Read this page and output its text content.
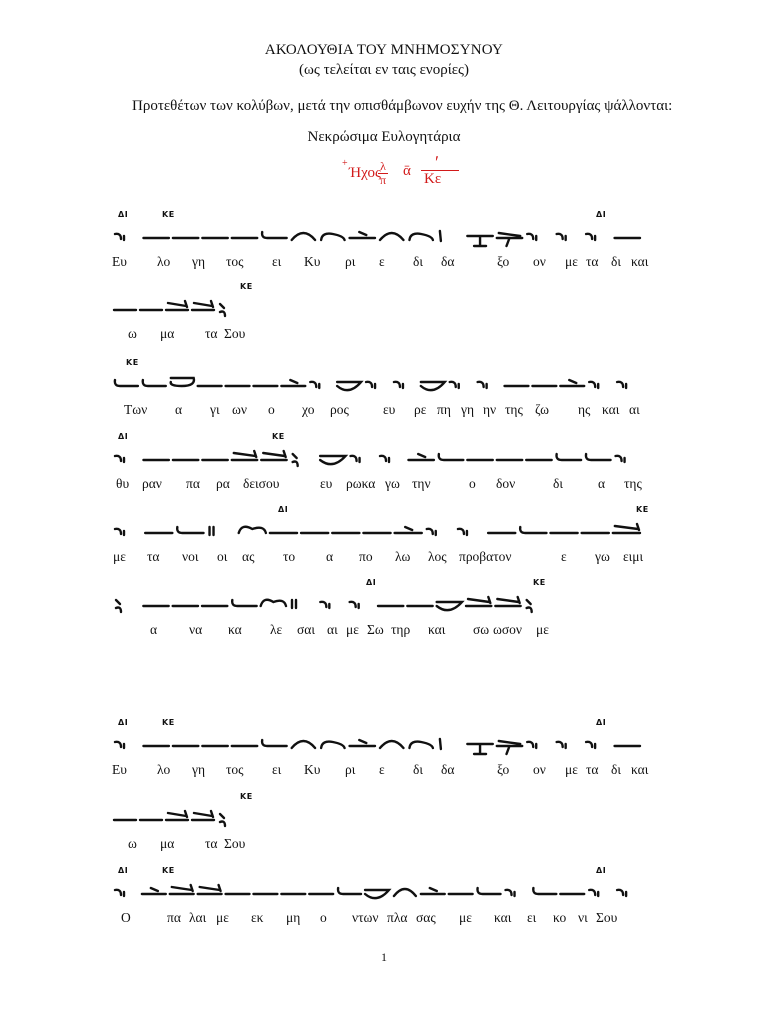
ΑΚΟΛΟΥΘΙΑ ΤΟΥ ΜΝΗΜΟΣΥΝΟΥ
(ως τελείται εν ταις ενορίες)
Προτεθέτων των κολύβων, μετά την οπισθάμβωνον ευχήν της Θ. Λειτουργίας ψάλλονται:
Νεκρώσιμα Ευλογητάρια
+
Ήχος λ
π
ᾱ ʹ
Κε
ΔΙ	ΚΕ	ΔΙ
Ευ λο γη τος ει Κυ ρι ε δι δα	ξο ον με τα δι και
ΚΕ
ω μα τα Σου
ΚΕ
Των α γι ων ο χο ρος	ευ ρε πη γη ην της ζω ης και αι
ΔΙ	ΚΕ
θυ ραν πα ρα δεισου	ευ ρωκα γω την	ο δον	δι	α της
ΔΙ	ΚΕ
με τα νοι οι ας το α πο λω λος προβατον	ε γω ειμι
ΔΙ	ΚΕ
α να κα λε σαι αι με Σω τηρ και σω ωσον με
ΔΙ	ΚΕ	ΔΙ
Ευ λο γη τος ει Κυ ρι ε δι δα	ξο ον με τα δι και
ΚΕ
ω μα τα Σου
ΔΙ	ΚΕ	ΔΙ
Ο	πα λαι με εκ μη ο ντων πλα σας με και ει κο νι Σου
1
